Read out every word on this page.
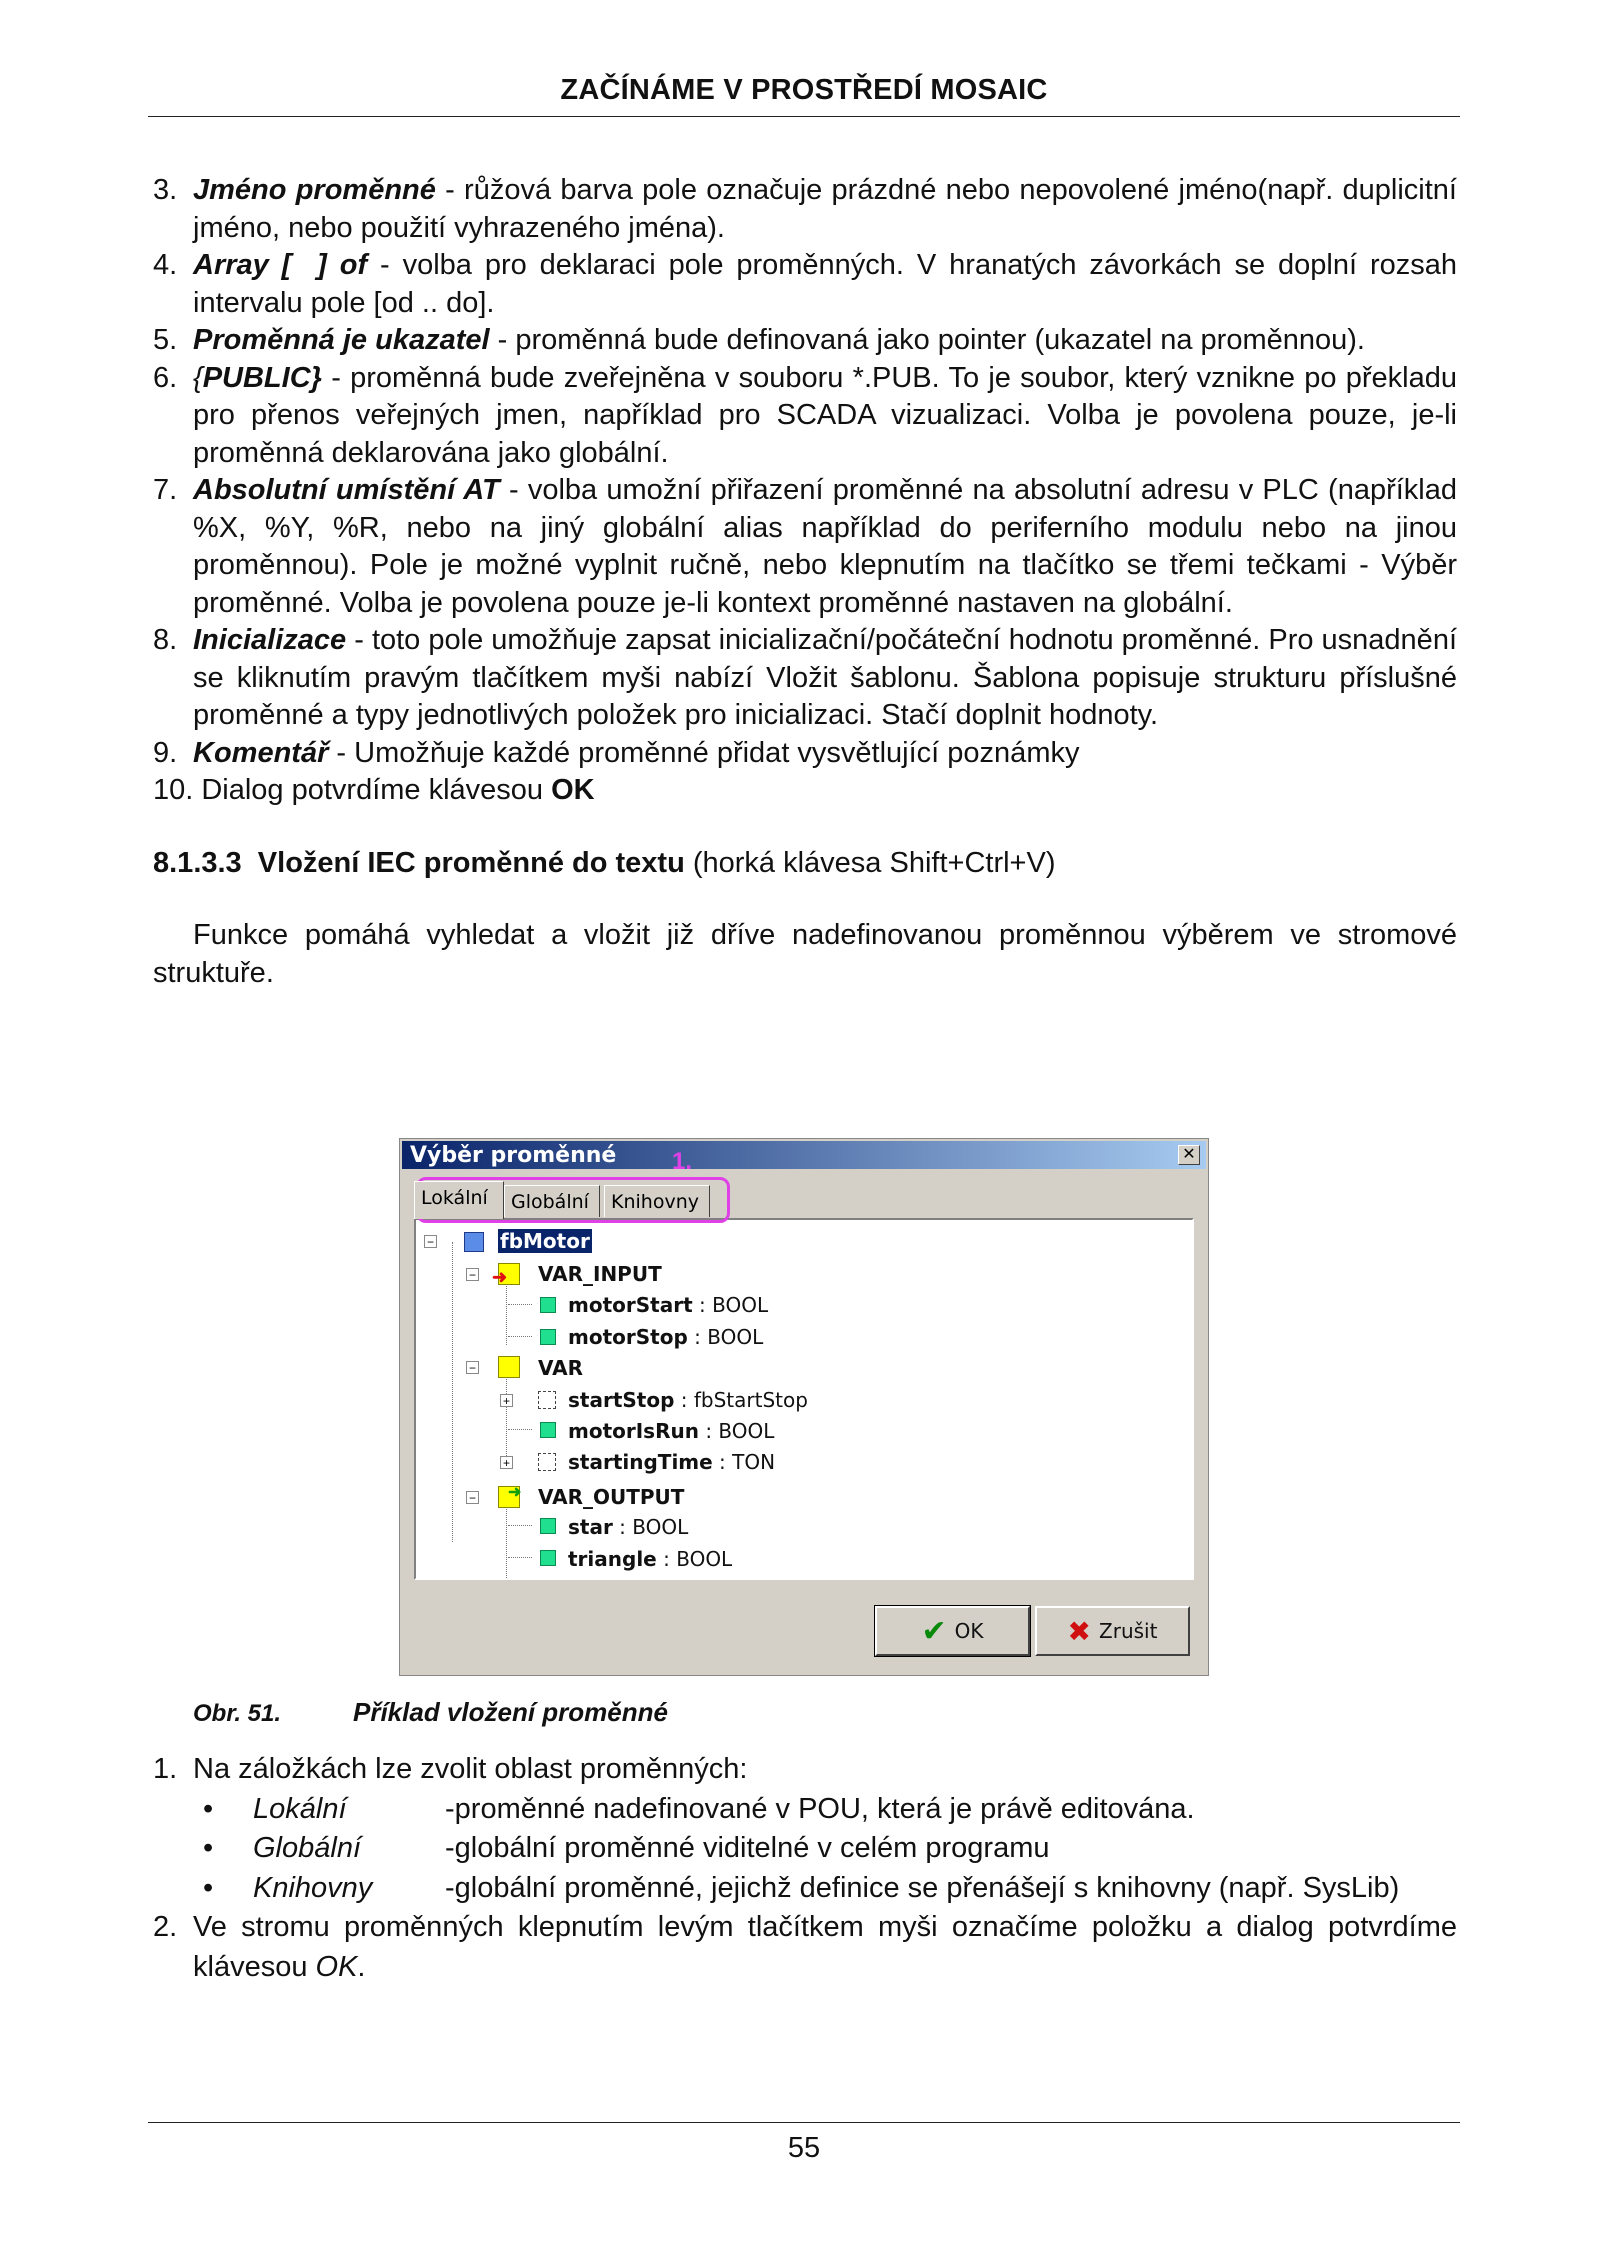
ZAČÍNÁME V PROSTŘEDÍ MOSAIC
3. Jméno proměnné - růžová barva pole označuje prázdné nebo nepovolené jméno(např. duplicitní jméno, nebo použití vyhrazeného jména).
4. Array [  ] of - volba pro deklaraci pole proměnných. V hranatých závorkách se doplní rozsah intervalu pole [od .. do].
5. Proměnná je ukazatel - proměnná bude definovaná jako pointer (ukazatel na proměnnou).
6. {PUBLIC} - proměnná bude zveřejněna v souboru *.PUB. To je soubor, který vznikne po překladu pro přenos veřejných jmen, například pro SCADA vizualizaci. Volba je povolena pouze, je-li proměnná deklarována jako globální.
7. Absolutní umístění AT - volba umožní přiřazení proměnné na absolutní adresu v PLC (například %X, %Y, %R, nebo na jiný globální alias například do periferního modulu nebo na jinou proměnnou). Pole je možné vyplnit ručně, nebo klepnutím na tlačítko se třemi tečkami - Výběr proměnné. Volba je povolena pouze je-li kontext proměnné nastaven na globální.
8. Inicializace - toto pole umožňuje zapsat inicializační/počáteční hodnotu proměnné. Pro usnadnění se kliknutím pravým tlačítkem myši nabízí Vložit šablonu. Šablona popisuje strukturu příslušné proměnné a typy jednotlivých položek pro inicializaci. Stačí doplnit hodnoty.
9. Komentář - Umožňuje každé proměnné přidat vysvětlující poznámky
10. Dialog potvrdíme klávesou OK
8.1.3.3  Vložení IEC proměnné do textu (horká klávesa Shift+Ctrl+V)
Funkce pomáhá vyhledat a vložit již dříve nadefinovanou proměnnou výběrem ve stromové struktuře.
Výběr proměnné	✕
Lokální	Globální	Knihovny
−	fbMotor
− ➜ VAR_INPUT
motorStart : BOOL
motorStop : BOOL
−	VAR
+	startStop : fbStartStop
motorIsRun : BOOL
+	startingTime : TON
− ➜ VAR_OUTPUT
star : BOOL
triangle : BOOL
✔ OK	✖ Zrušit
1.
Obr. 51.	Příklad vložení proměnné
1. Na záložkách lze zvolit oblast proměnných:
•	Lokální	-proměnné nadefinované v POU, která je právě editována.
•	Globální	-globální proměnné viditelné v celém programu
•	Knihovny	-globální proměnné, jejichž definice se přenášejí s knihovny (např. SysLib)
2. Ve stromu proměnných klepnutím levým tlačítkem myši označíme položku a dialog potvrdíme klávesou OK.
55
